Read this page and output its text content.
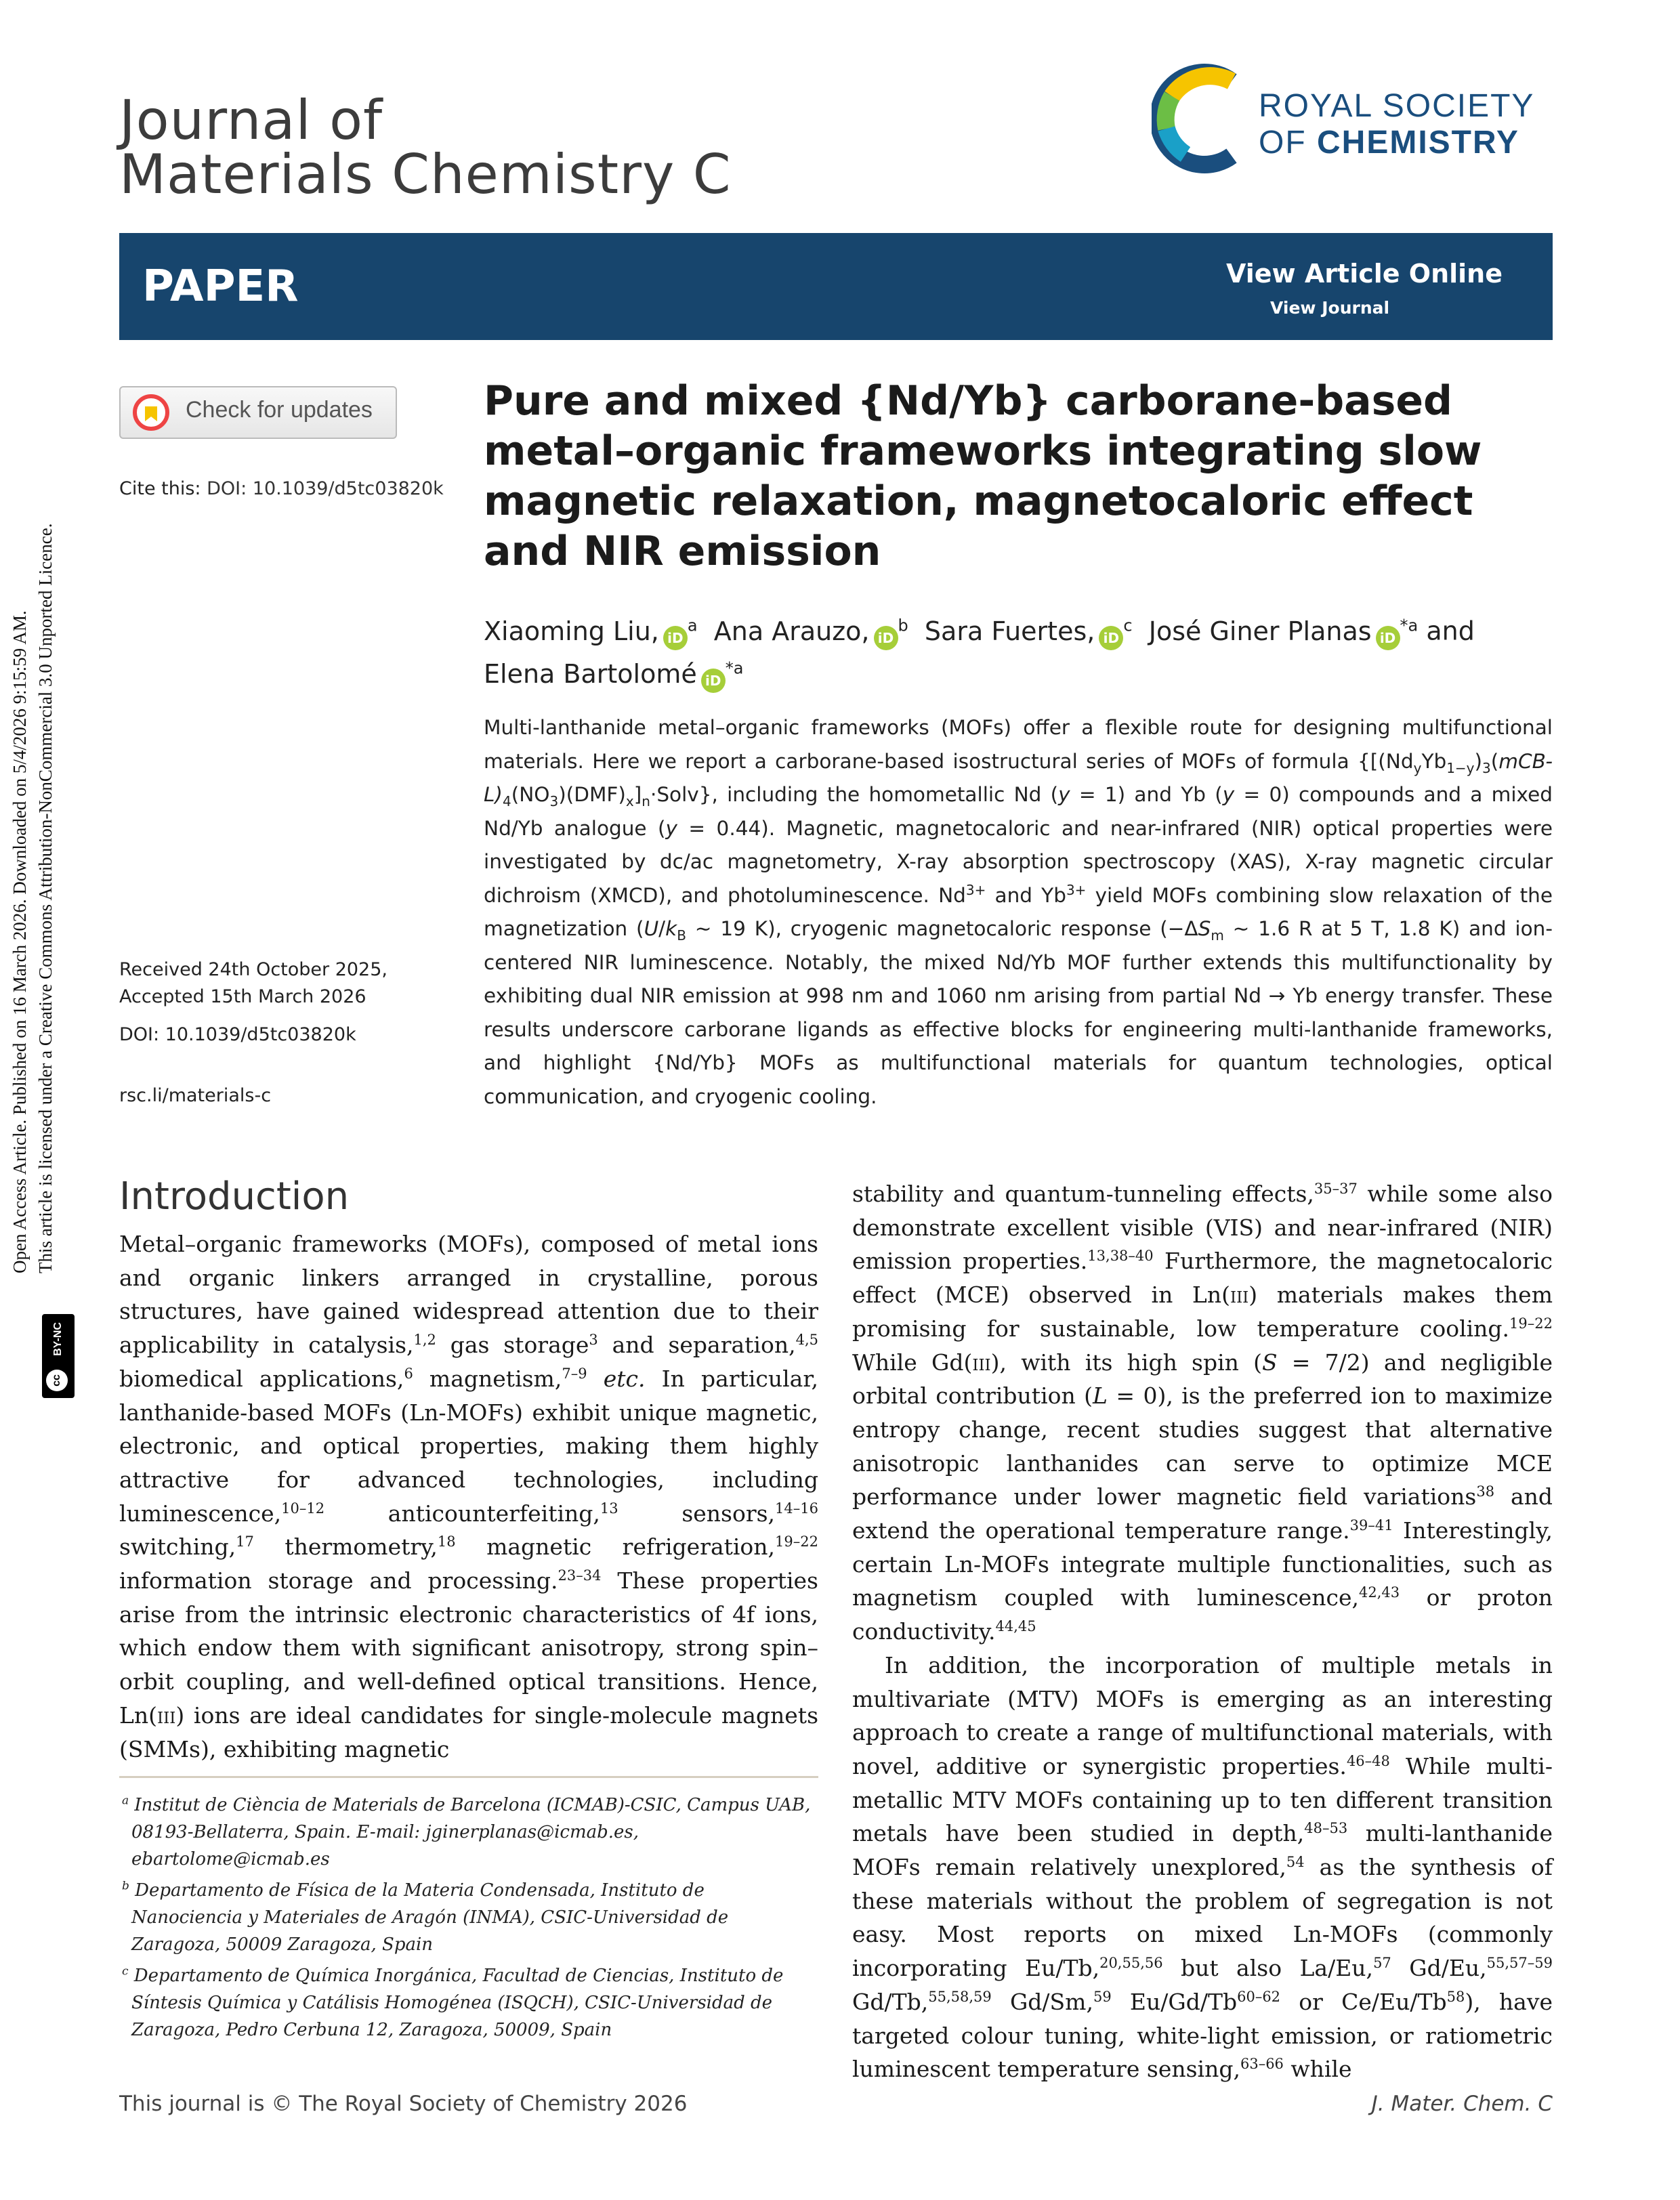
Journal of
Materials Chemistry C
ROYAL SOCIETY
OF CHEMISTRY
PAPER	View Article Online
View Journal
Open Access Article. Published on 16 March 2026. Downloaded on 5/4/2026 9:15:59 AM. This article is licensed under a Creative Commons Attribution-NonCommercial 3.0 Unported Licence.
cc
BY-NC
Check for updates
Cite this: DOI: 10.1039/d5tc03820k
Received 24th October 2025,
Accepted 15th March 2026
DOI: 10.1039/d5tc03820k
rsc.li/materials-c
Pure and mixed {Nd/Yb} carborane-based metal–organic frameworks integrating slow magnetic relaxation, magnetocaloric effect and NIR emission
Xiaoming Liu, $iD^a$ Ana Arauzo, $iD^b$ Sara Fuertes, $iD^c$ José Giner Planas $iD^{*a}$ and
Elena Bartolomé $iD^{*a}$
Multi-lanthanide metal–organic frameworks (MOFs) offer a flexible route for designing multifunctional materials. Here we report a carborane-based isostructural series of MOFs of formula $\{[(Nd_yYb_{1-y})_3(mCB-L)_4(NO_3)(DMF)_x]_n\cdot Solv\}$, including the homometallic Nd (y = 1) and Yb (y = 0) compounds and a mixed Nd/Yb analogue (y = 0.44). Magnetic, magnetocaloric and near-infrared (NIR) optical properties were investigated by dc/ac magnetometry, X-ray absorption spectroscopy (XAS), X-ray magnetic circular dichroism (XMCD), and photoluminescence. $Nd^{3+}$ and $Yb^{3+}$ yield MOFs combining slow relaxation of the magnetization ($U/k_B$ ∼ 19 K), cryogenic magnetocaloric response ($-\Delta S_m$ ∼ 1.6 R at 5 T, 1.8 K) and ion-centered NIR luminescence. Notably, the mixed Nd/Yb MOF further extends this multifunctionality by exhibiting dual NIR emission at 998 nm and 1060 nm arising from partial Nd → Yb energy transfer. These results underscore carborane ligands as effective blocks for engineering multi-lanthanide frameworks, and highlight {Nd/Yb} MOFs as multifunctional materials for quantum technologies, optical communication, and cryogenic cooling.
Introduction

Metal–organic frameworks (MOFs), composed of metal ions and organic linkers arranged in crystalline, porous structures, have gained widespread attention due to their applicability in catalysis,$^{1,2}$ gas storage$^3$ and separation,$^{4,5}$ biomedical applications,$^6$ magnetism,$^{7-9}$ etc. In particular, lanthanide-based MOFs (Ln-MOFs) exhibit unique magnetic, electronic, and optical properties, making them highly attractive for advanced technologies, including luminescence,$^{10-12}$ anticounterfeiting,$^{13}$ sensors,$^{14-16}$ switching,$^{17}$ thermometry,$^{18}$ magnetic refrigeration,$^{19-22}$ information storage and processing.$^{23-34}$ These properties arise from the intrinsic electronic characteristics of 4f ions, which endow them with significant anisotropy, strong spin–orbit coupling, and well-defined optical transitions. Hence, Ln(iii) ions are ideal candidates for single-molecule magnets (SMMs), exhibiting magnetic

stability and quantum-tunneling effects,$^{35-37}$ while some also demonstrate excellent visible (VIS) and near-infrared (NIR) emission properties.$^{13,38-40}$ Furthermore, the magnetocaloric effect (MCE) observed in Ln(iii) materials makes them promising for sustainable, low temperature cooling.$^{19-22}$ While Gd(iii), with its high spin (S = 7/2) and negligible orbital contribution (L = 0), is the preferred ion to maximize entropy change, recent studies suggest that alternative anisotropic lanthanides can serve to optimize MCE performance under lower magnetic field variations$^{38}$ and extend the operational temperature range.$^{39-41}$ Interestingly, certain Ln-MOFs integrate multiple functionalities, such as magnetism coupled with luminescence,$^{42,43}$ or proton conductivity.$^{44,45}$

In addition, the incorporation of multiple metals in multivariate (MTV) MOFs is emerging as an interesting approach to create a range of multifunctional materials, with novel, additive or synergistic properties.$^{46-48}$ While multi-metallic MTV MOFs containing up to ten different transition metals have been studied in depth,$^{48-53}$ multi-lanthanide MOFs remain relatively unexplored,$^{54}$ as the synthesis of these materials without the problem of segregation is not easy. Most reports on mixed Ln-MOFs (commonly incorporating Eu/Tb,$^{20,55,56}$ but also La/Eu,$^{57}$ Gd/Eu,$^{55,57-59}$ Gd/Tb,$^{55,58,59}$ Gd/Sm,$^{59}$ Eu/Gd/Tb$^{60-62}$ or Ce/Eu/Tb$^{58}$), have targeted colour tuning, white-light emission, or ratiometric luminescent temperature sensing,$^{63-66}$ while

$^a$ Institut de Ciència de Materials de Barcelona (ICMAB)-CSIC, Campus UAB, 08193-Bellaterra, Spain. E-mail: jginerplanas@icmab.es, ebartolome@icmab.es
$^b$ Departamento de Física de la Materia Condensada, Instituto de Nanociencia y Materiales de Aragón (INMA), CSIC-Universidad de Zaragoza, 50009 Zaragoza, Spain
$^c$ Departamento de Química Inorgánica, Facultad de Ciencias, Instituto de Síntesis Química y Catálisis Homogénea (ISQCH), CSIC-Universidad de Zaragoza, Pedro Cerbuna 12, Zaragoza, 50009, Spain
This journal is © The Royal Society of Chemistry 2026	J. Mater. Chem. C
